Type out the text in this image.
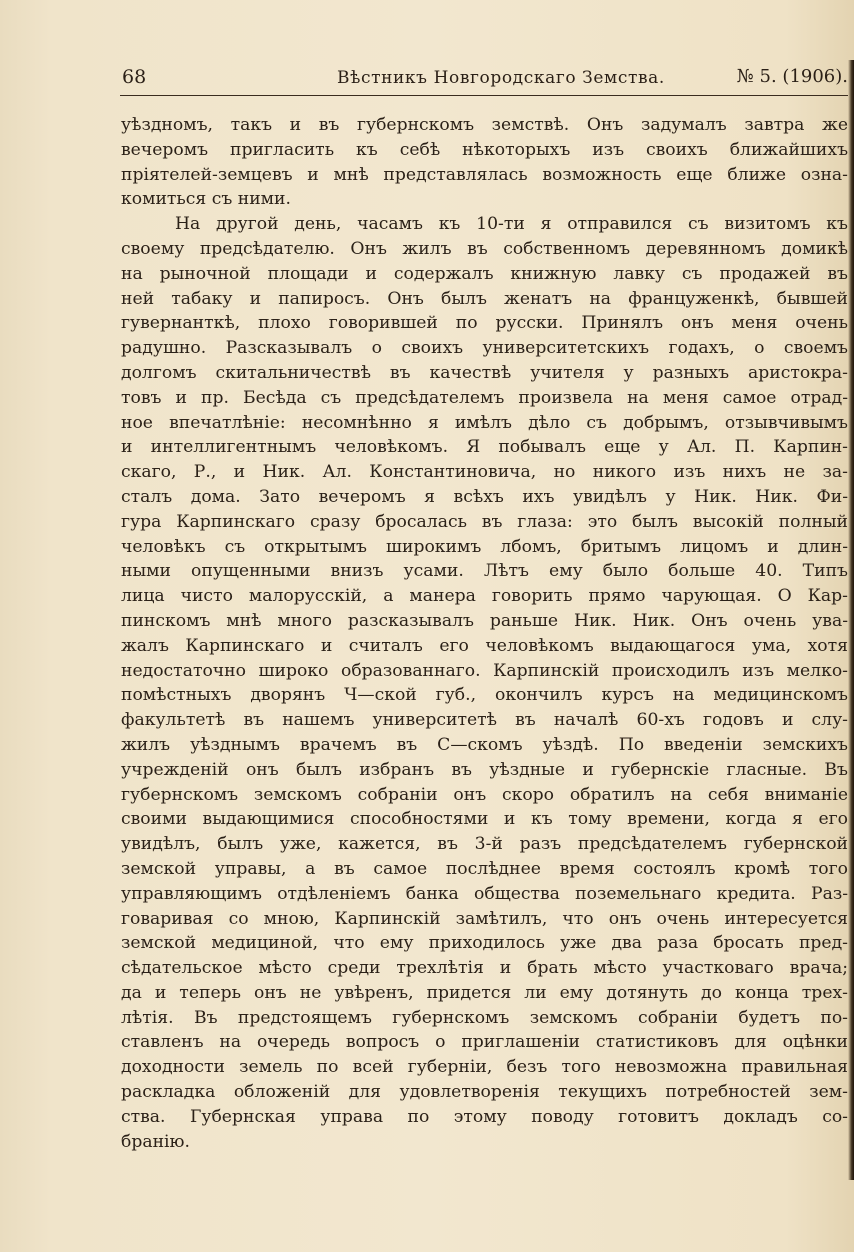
68	Вѣстникъ Новгородскаго Земства.	№ 5. (1906).
уѣздномъ, такъ и въ губернскомъ земствѣ. Онъ задумалъ завтра же
вечеромъ пригласить къ себѣ нѣкоторыхъ изъ своихъ ближайшихъ
пріятелей-земцевъ и мнѣ представлялась возможность еще ближе озна-
комиться съ ними.
На другой день, часамъ къ 10-ти я отправился съ визитомъ къ
своему предсѣдателю. Онъ жилъ въ собственномъ деревянномъ домикѣ
на рыночной площади и содержалъ книжную лавку съ продажей въ
ней табаку и папиросъ. Онъ былъ женатъ на француженкѣ, бывшей
гувернанткѣ, плохо говорившей по русски. Принялъ онъ меня очень
радушно. Разсказывалъ о своихъ университетскихъ годахъ, о своемъ
долгомъ скитальничествѣ въ качествѣ учителя у разныхъ аристокра-
товъ и пр. Бесѣда съ предсѣдателемъ произвела на меня самое отрад-
ное впечатлѣніе: несомнѣнно я имѣлъ дѣло съ добрымъ, отзывчивымъ
и интеллигентнымъ человѣкомъ. Я побывалъ еще у Ал. П. Карпин-
скаго, Р., и Ник. Ал. Константиновича, но никого изъ нихъ не за-
сталъ дома. Зато вечеромъ я всѣхъ ихъ увидѣлъ у Ник. Ник. Фи-
гура Карпинскаго сразу бросалась въ глаза: это былъ высокій полный
человѣкъ съ открытымъ широкимъ лбомъ, бритымъ лицомъ и длин-
ными опущенными внизъ усами. Лѣтъ ему было больше 40. Типъ
лица чисто малорусскій, а манера говорить прямо чарующая. О Кар-
пинскомъ мнѣ много разсказывалъ раньше Ник. Ник. Онъ очень ува-
жалъ Карпинскаго и считалъ его человѣкомъ выдающагося ума, хотя
недостаточно широко образованнаго. Карпинскій происходилъ изъ мелко-
помѣстныхъ дворянъ Ч—ской губ., окончилъ курсъ на медицинскомъ
факультетѣ въ нашемъ университетѣ въ началѣ 60-хъ годовъ и слу-
жилъ уѣзднымъ врачемъ въ С—скомъ уѣздѣ. По введеніи земскихъ
учрежденій онъ былъ избранъ въ уѣздные и губернскіе гласные. Въ
губернскомъ земскомъ собраніи онъ скоро обратилъ на себя вниманіе
своими выдающимися способностями и къ тому времени, когда я его
увидѣлъ, былъ уже, кажется, въ 3-й разъ предсѣдателемъ губернской
земской управы, а въ самое послѣднее время состоялъ кромѣ того
управляющимъ отдѣленіемъ банка общества поземельнаго кредита. Раз-
говаривая со мною, Карпинскій замѣтилъ, что онъ очень интересуется
земской медициной, что ему приходилось уже два раза бросать пред-
сѣдательское мѣсто среди трехлѣтія и брать мѣсто участковаго врача;
да и теперь онъ не увѣренъ, придется ли ему дотянуть до конца трех-
лѣтія. Въ предстоящемъ губернскомъ земскомъ собраніи будетъ по-
ставленъ на очередь вопросъ о приглашеніи статистиковъ для оцѣнки
доходности земель по всей губерніи, безъ того невозможна правильная
раскладка обложеній для удовлетворенія текущихъ потребностей зем-
ства. Губернская управа по этому поводу готовитъ докладъ со-
бранію.
